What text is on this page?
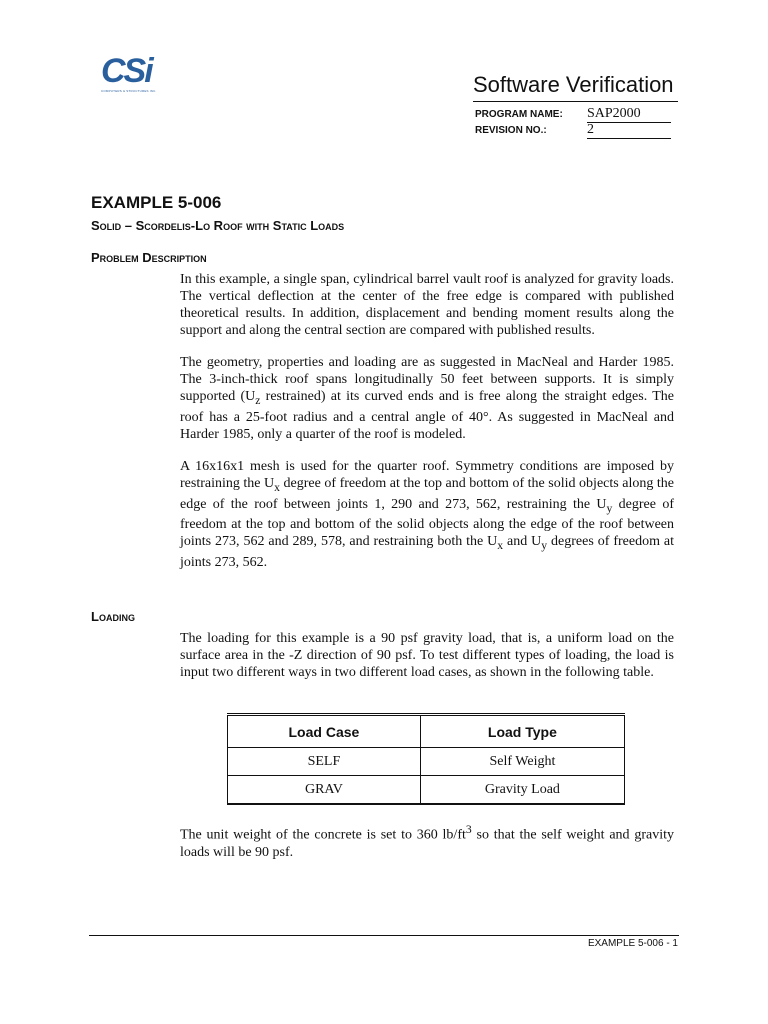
CSi
COMPUTERS & STRUCTURES INC.	Software Verification
PROGRAM NAME: SAP2000
REVISION NO.:	2
EXAMPLE 5-006
Solid – Scordelis-Lo Roof with Static Loads
Problem Description

In this example, a single span, cylindrical barrel vault roof is analyzed for gravity loads. The vertical deflection at the center of the free edge is compared with published theoretical results. In addition, displacement and bending moment results along the support and along the central section are compared with published results.

The geometry, properties and loading are as suggested in MacNeal and Harder 1985. The 3-inch-thick roof spans longitudinally 50 feet between supports. It is simply supported ($U_z$ restrained) at its curved ends and is free along the straight edges. The roof has a 25-foot radius and a central angle of 40°. As suggested in MacNeal and Harder 1985, only a quarter of the roof is modeled.

A 16x16x1 mesh is used for the quarter roof. Symmetry conditions are imposed by restraining the $U_x$ degree of freedom at the top and bottom of the solid objects along the edge of the roof between joints 1, 290 and 273, 562, restraining the $U_y$ degree of freedom at the top and bottom of the solid objects along the edge of the roof between joints 273, 562 and 289, 578, and restraining both the $U_x$ and $U_y$ degrees of freedom at joints 273, 562.

Loading

The loading for this example is a 90 psf gravity load, that is, a uniform load on the surface area in the -Z direction of 90 psf. To test different types of loading, the load is input two different ways in two different load cases, as shown in the following table.

Load Case	Load Type
SELF	Self Weight
GRAV	Gravity Load

The unit weight of the concrete is set to 360 $lb/ft^3$ so that the self weight and gravity loads will be 90 psf.

EXAMPLE 5-006 - 1
